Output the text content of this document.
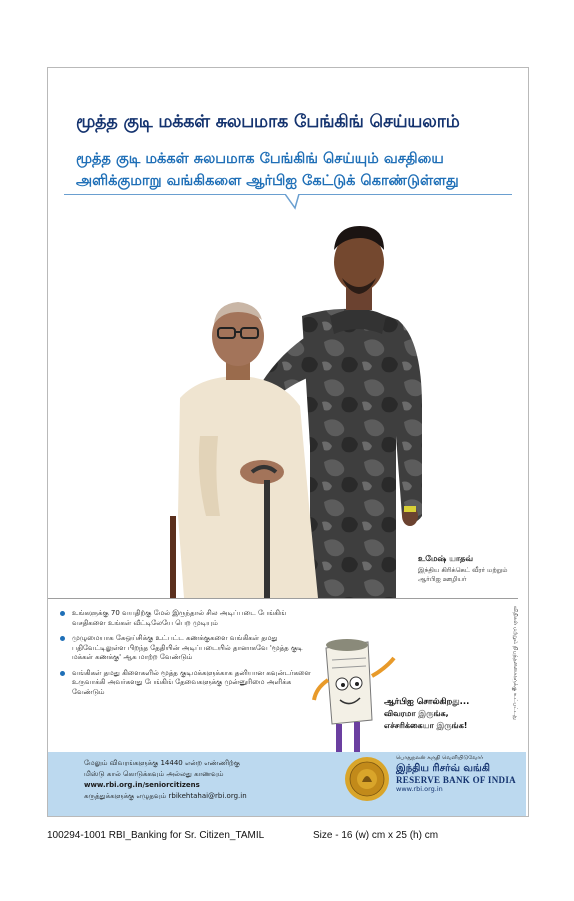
மூத்த குடி மக்கள் சுலபமாக பேங்கிங் செய்யலாம்
மூத்த குடி மக்கள் சுலபமாக பேங்கிங் செய்யும் வசதியை
அளிக்குமாறு வங்கிகளை ஆர்பிஐ கேட்டுக் கொண்டுள்ளது
உமேஷ் யாதவ்
இந்திய கிரிக்கெட் வீரர் மற்றும் ஆர்பிஐ ஊழியர்
விதிகள் மற்றும் நிபந்தனைகளுக்கு உட்பட்டது
உங்களுக்கு 70 வயதிற்கு மேல் இருந்தால் சில அடிப்படை பேங்கிங் வசதிகளை உங்கள் வீட்டிலேயே பெற முடியும்
முழுமையாக கேஒய்சிக்கு உட்பட்ட கணக்குகளை வங்கிகள் தமது பதிவேட்டிலுள்ள பிறந்த தேதியின் அடிப்படையில் தானாகவே 'மூத்த குடி மக்கள் கணக்கு' ஆக மாற்ற வேண்டும்
வங்கிகள் தமது கிளைகளில் மூத்த குடிமக்களுக்காக தனியான கவுன்டர்களை உருவாக்கி அவர்களது பேங்கிங் தேவைகளுக்கு முன்னுரிமை அளிக்க வேண்டும்
ஆர்பிஐ சொல்கிறது...
விவரமா இருங்க,
எச்சரிக்கையா இருங்க!
மேலும் விவரங்களுக்கு 14440 என்ற எண்ணிற்கு
மிஸ்டு கால் கொடுக்கவும் அல்லது காணவும்
www.rbi.org.in/seniorcitizens
கருத்துக்களுக்கு எழுதவும் rbikehtahai@rbi.org.in
பொதுநலன் கருதி வெளியிடுவோர்
இந்திய ரிசர்வ் வங்கி
RESERVE BANK OF INDIA
www.rbi.org.in
100294-1001 RBI_Banking for Sr. Citizen_TAMIL	Size - 16 (w) cm x 25 (h) cm
